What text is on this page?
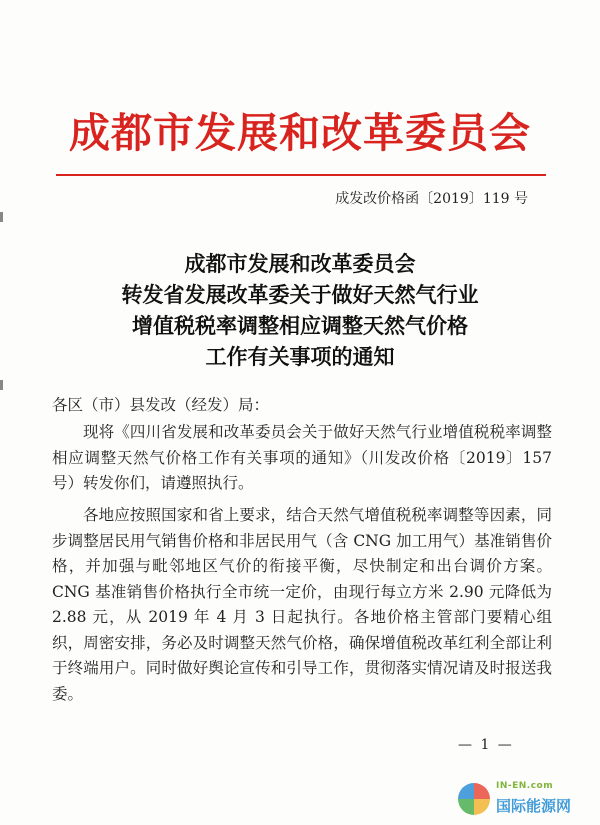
成都市发展和改革委员会
成发改价格函〔2019〕119 号
成都市发展和改革委员会
转发省发展改革委关于做好天然气行业
增值税税率调整相应调整天然气价格
工作有关事项的通知
各区（市）县发改（经发）局：
现将《四川省发展和改革委员会关于做好天然气行业增值税税率调整相应调整天然气价格工作有关事项的通知》（川发改价格〔2019〕157 号）转发你们，请遵照执行。
各地应按照国家和省上要求，结合天然气增值税税率调整等因素，同步调整居民用气销售价格和非居民用气（含 CNG 加工用气）基准销售价格，并加强与毗邻地区气价的衔接平衡，尽快制定和出台调价方案。CNG 基准销售价格执行全市统一定价，由现行每立方米 2.90 元降低为 2.88 元，从 2019 年 4 月 3 日起执行。各地价格主管部门要精心组织，周密安排，务必及时调整天然气价格，确保增值税改革红利全部让利于终端用户。同时做好舆论宣传和引导工作，贯彻落实情况请及时报送我委。
— 1 —
IN-EN.com
国际能源网
